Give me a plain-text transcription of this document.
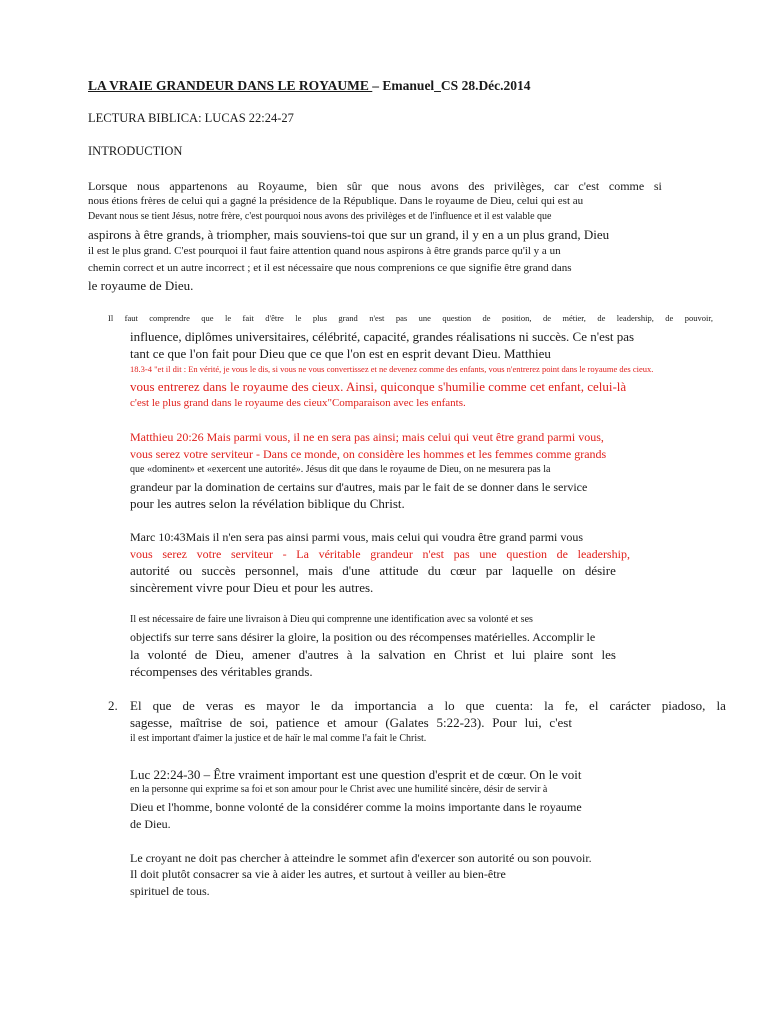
LA VRAIE GRANDEUR DANS LE ROYAUME – Emanuel_CS 28.Déc.2014

LECTURA BIBLICA: LUCAS 22:24-27

INTRODUCTION

Lorsque nous appartenons au Royaume, bien sûr que nous avons des privilèges, car c'est comme si

nous étions frères de celui qui a gagné la présidence de la République. Dans le royaume de Dieu, celui qui est au

Devant nous se tient Jésus, notre frère, c'est pourquoi nous avons des privilèges et de l'influence et il est valable que

aspirons à être grands, à triompher, mais souviens-toi que sur un grand, il y en a un plus grand, Dieu

il est le plus grand. C'est pourquoi il faut faire attention quand nous aspirons à être grands parce qu'il y a un

chemin correct et un autre incorrect ; et il est nécessaire que nous comprenions ce que signifie être grand dans

le royaume de Dieu.

Il faut comprendre que le fait d'être le plus grand n'est pas une question de position, de métier, de leadership, de pouvoir,

influence, diplômes universitaires, célébrité, capacité, grandes réalisations ni succès. Ce n'est pas

tant ce que l'on fait pour Dieu que ce que l'on est en esprit devant Dieu. Matthieu

18.3-4 "et il dit : En vérité, je vous le dis, si vous ne vous convertissez et ne devenez comme des enfants, vous n'entrerez point dans le royaume des cieux.

vous entrerez dans le royaume des cieux. Ainsi, quiconque s'humilie comme cet enfant, celui-là

c'est le plus grand dans le royaume des cieux"Comparaison avec les enfants.

Matthieu 20:26 Mais parmi vous, il ne en sera pas ainsi; mais celui qui veut être grand parmi vous,

vous serez votre serviteur - Dans ce monde, on considère les hommes et les femmes comme grands

que «dominent» et «exercent une autorité». Jésus dit que dans le royaume de Dieu, on ne mesurera pas la

grandeur par la domination de certains sur d'autres, mais par le fait de se donner dans le service

pour les autres selon la révélation biblique du Christ.

Marc 10:43Mais il n'en sera pas ainsi parmi vous, mais celui qui voudra être grand parmi vous

vous serez votre serviteur - La véritable grandeur n'est pas une question de leadership,

autorité ou succès personnel, mais d'une attitude du cœur par laquelle on désire

sincèrement vivre pour Dieu et pour les autres.

Il est nécessaire de faire une livraison à Dieu qui comprenne une identification avec sa volonté et ses

objectifs sur terre sans désirer la gloire, la position ou des récompenses matérielles. Accomplir le

la volonté de Dieu, amener d'autres à la salvation en Christ et lui plaire sont les

récompenses des véritables grands.

2. El que de veras es mayor le da importancia a lo que cuenta: la fe, el carácter piadoso, la

sagesse, maîtrise de soi, patience et amour (Galates 5:22-23). Pour lui, c'est

il est important d'aimer la justice et de haïr le mal comme l'a fait le Christ.

Luc 22:24-30 – Être vraiment important est une question d'esprit et de cœur. On le voit

en la personne qui exprime sa foi et son amour pour le Christ avec une humilité sincère, désir de servir à

Dieu et l'homme, bonne volonté de la considérer comme la moins importante dans le royaume

de Dieu.

Le croyant ne doit pas chercher à atteindre le sommet afin d'exercer son autorité ou son pouvoir.

Il doit plutôt consacrer sa vie à aider les autres, et surtout à veiller au bien-être

spirituel de tous.
